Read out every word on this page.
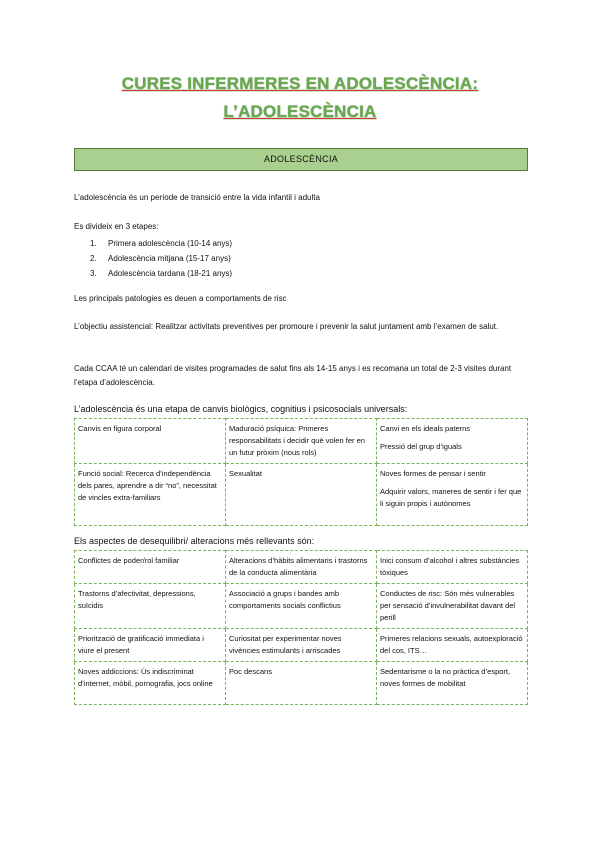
CURES INFERMERES EN ADOLESCÈNCIA:
L’ADOLESCÈNCIA
ADOLESCÈNCIA
L’adolescència és un període de transició entre la vida infantil i adulta
Es divideix en 3 etapes:
1. Primera adolescència (10-14 anys)
2. Adolescència mitjana (15-17 anys)
3. Adolescència tardana (18-21 anys)
Les principals patologies es deuen a comportaments de risc
L’objectiu assistencial: Realitzar activitats preventives per promoure i prevenir la salut juntament amb l’examen de salut.
Cada CCAA té un calendari de visites programades de salut fins als 14-15 anys i es recomana un total de 2-3 visites durant l’etapa d’adolescència.
L’adolescència és una etapa de canvis biològics, cognitius i psicosocials universals:
Canvis en figura corporal	Maduració psíquica: Primeres responsabilitats i decidir què volen fer en un futur pròxim (nous rols)	Canvi en els ideals paterns
Pressió del grup d’iguals

Funció social: Recerca d’independència dels pares, aprendre a dir “no”, necessitat de vincles extra-familiars	Sexualitat	Noves formes de pensar i sentir
Adquirir valors, maneres de sentir i fer que li siguin propis i autònomes
Els aspectes de desequilibri/ alteracions més rellevants són:
Conflictes de poder/rol familiar	Alteracions d’hàbits alimentaris i trastorns de la conducta alimentària	Inici consum d’alcohol i altres substàncies tòxiques
Trastorns d’afectivitat, depressions, suïcidis	Associació a grups i bandes amb comportaments socials conflictius	Conductes de risc: Són més vulnerables per sensació d’invulnerabilitat davant del perill
Priorització de gratificació immediata i viure el present	Curiositat per experimentar noves vivències estimulants i arriscades	Primeres relacions sexuals, autoexploració del cos, ITS…
Noves addiccions: Ús indiscriminat d’internet, mòbil, pornografia, jocs online	Poc descans	Sedentarisme o la no pràctica d’esport, noves formes de mobilitat
